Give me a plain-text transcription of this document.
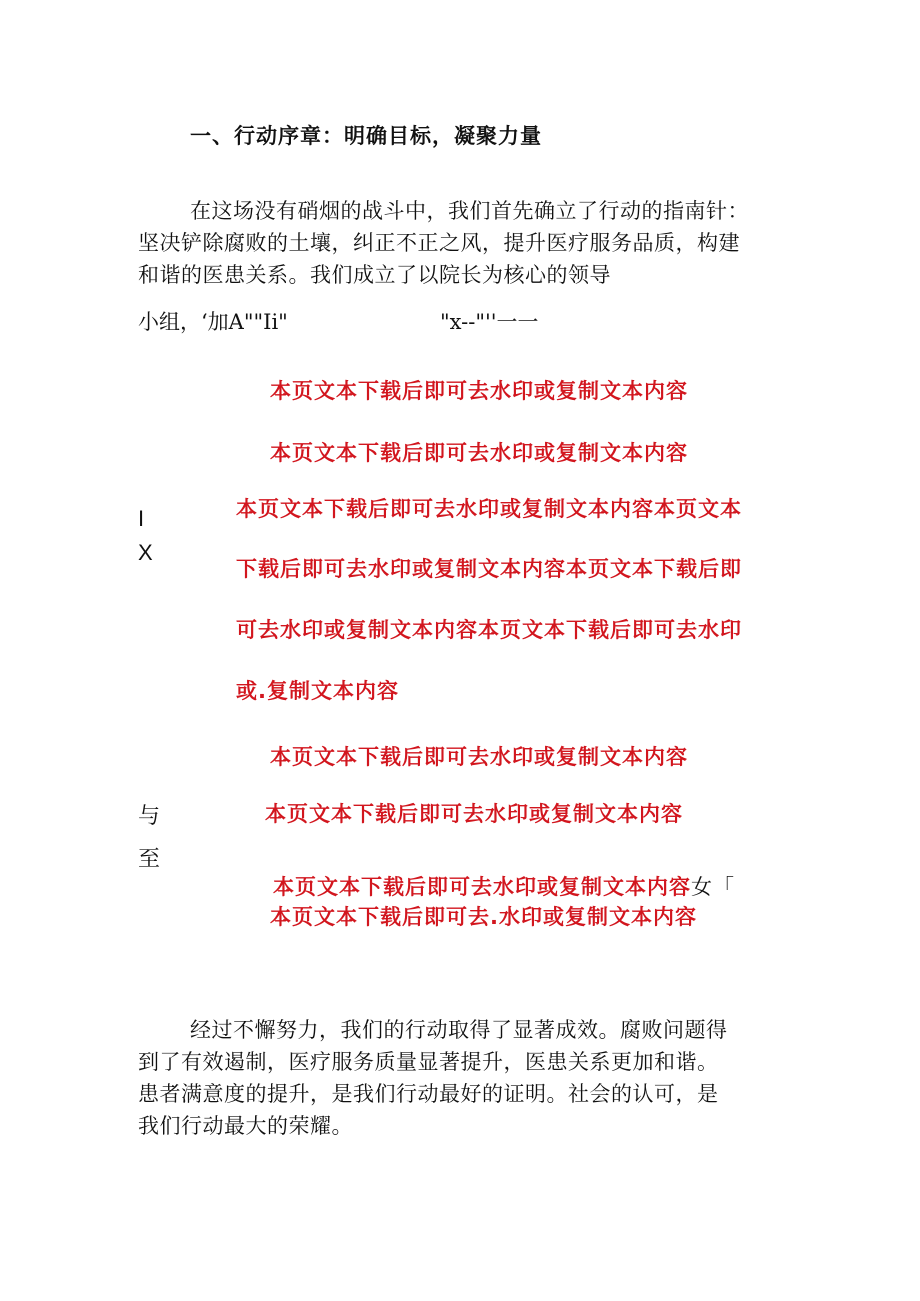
一、行动序章：明确目标，凝聚力量

在这场没有硝烟的战斗中，我们首先确立了行动的指南针：
坚决铲除腐败的土壤，纠正不正之风，提升医疗服务品质，构建
和谐的医患关系。我们成立了以院长为核心的领导

小组，‘加A""Ii"	"x--"''一一
本页文本下载后即可去水印或复制文本内容
本页文本下载后即可去水印或复制文本内容
I
X
本页文本下载后即可去水印或复制文本内容本页文本
下载后即可去水印或复制文本内容本页文本下载后即
可去水印或复制文本内容本页文本下载后即可去水印
或.复制文本内容
本页文本下载后即可去水印或复制文本内容
与	本页文本下载后即可去水印或复制文本内容
至
本页文本下载后即可去水印或复制文本内容女「
本页文本下载后即可去.水印或复制文本内容

经过不懈努力，我们的行动取得了显著成效。腐败问题得
到了有效遏制，医疗服务质量显著提升，医患关系更加和谐。
患者满意度的提升，是我们行动最好的证明。社会的认可，是
我们行动最大的荣耀。
